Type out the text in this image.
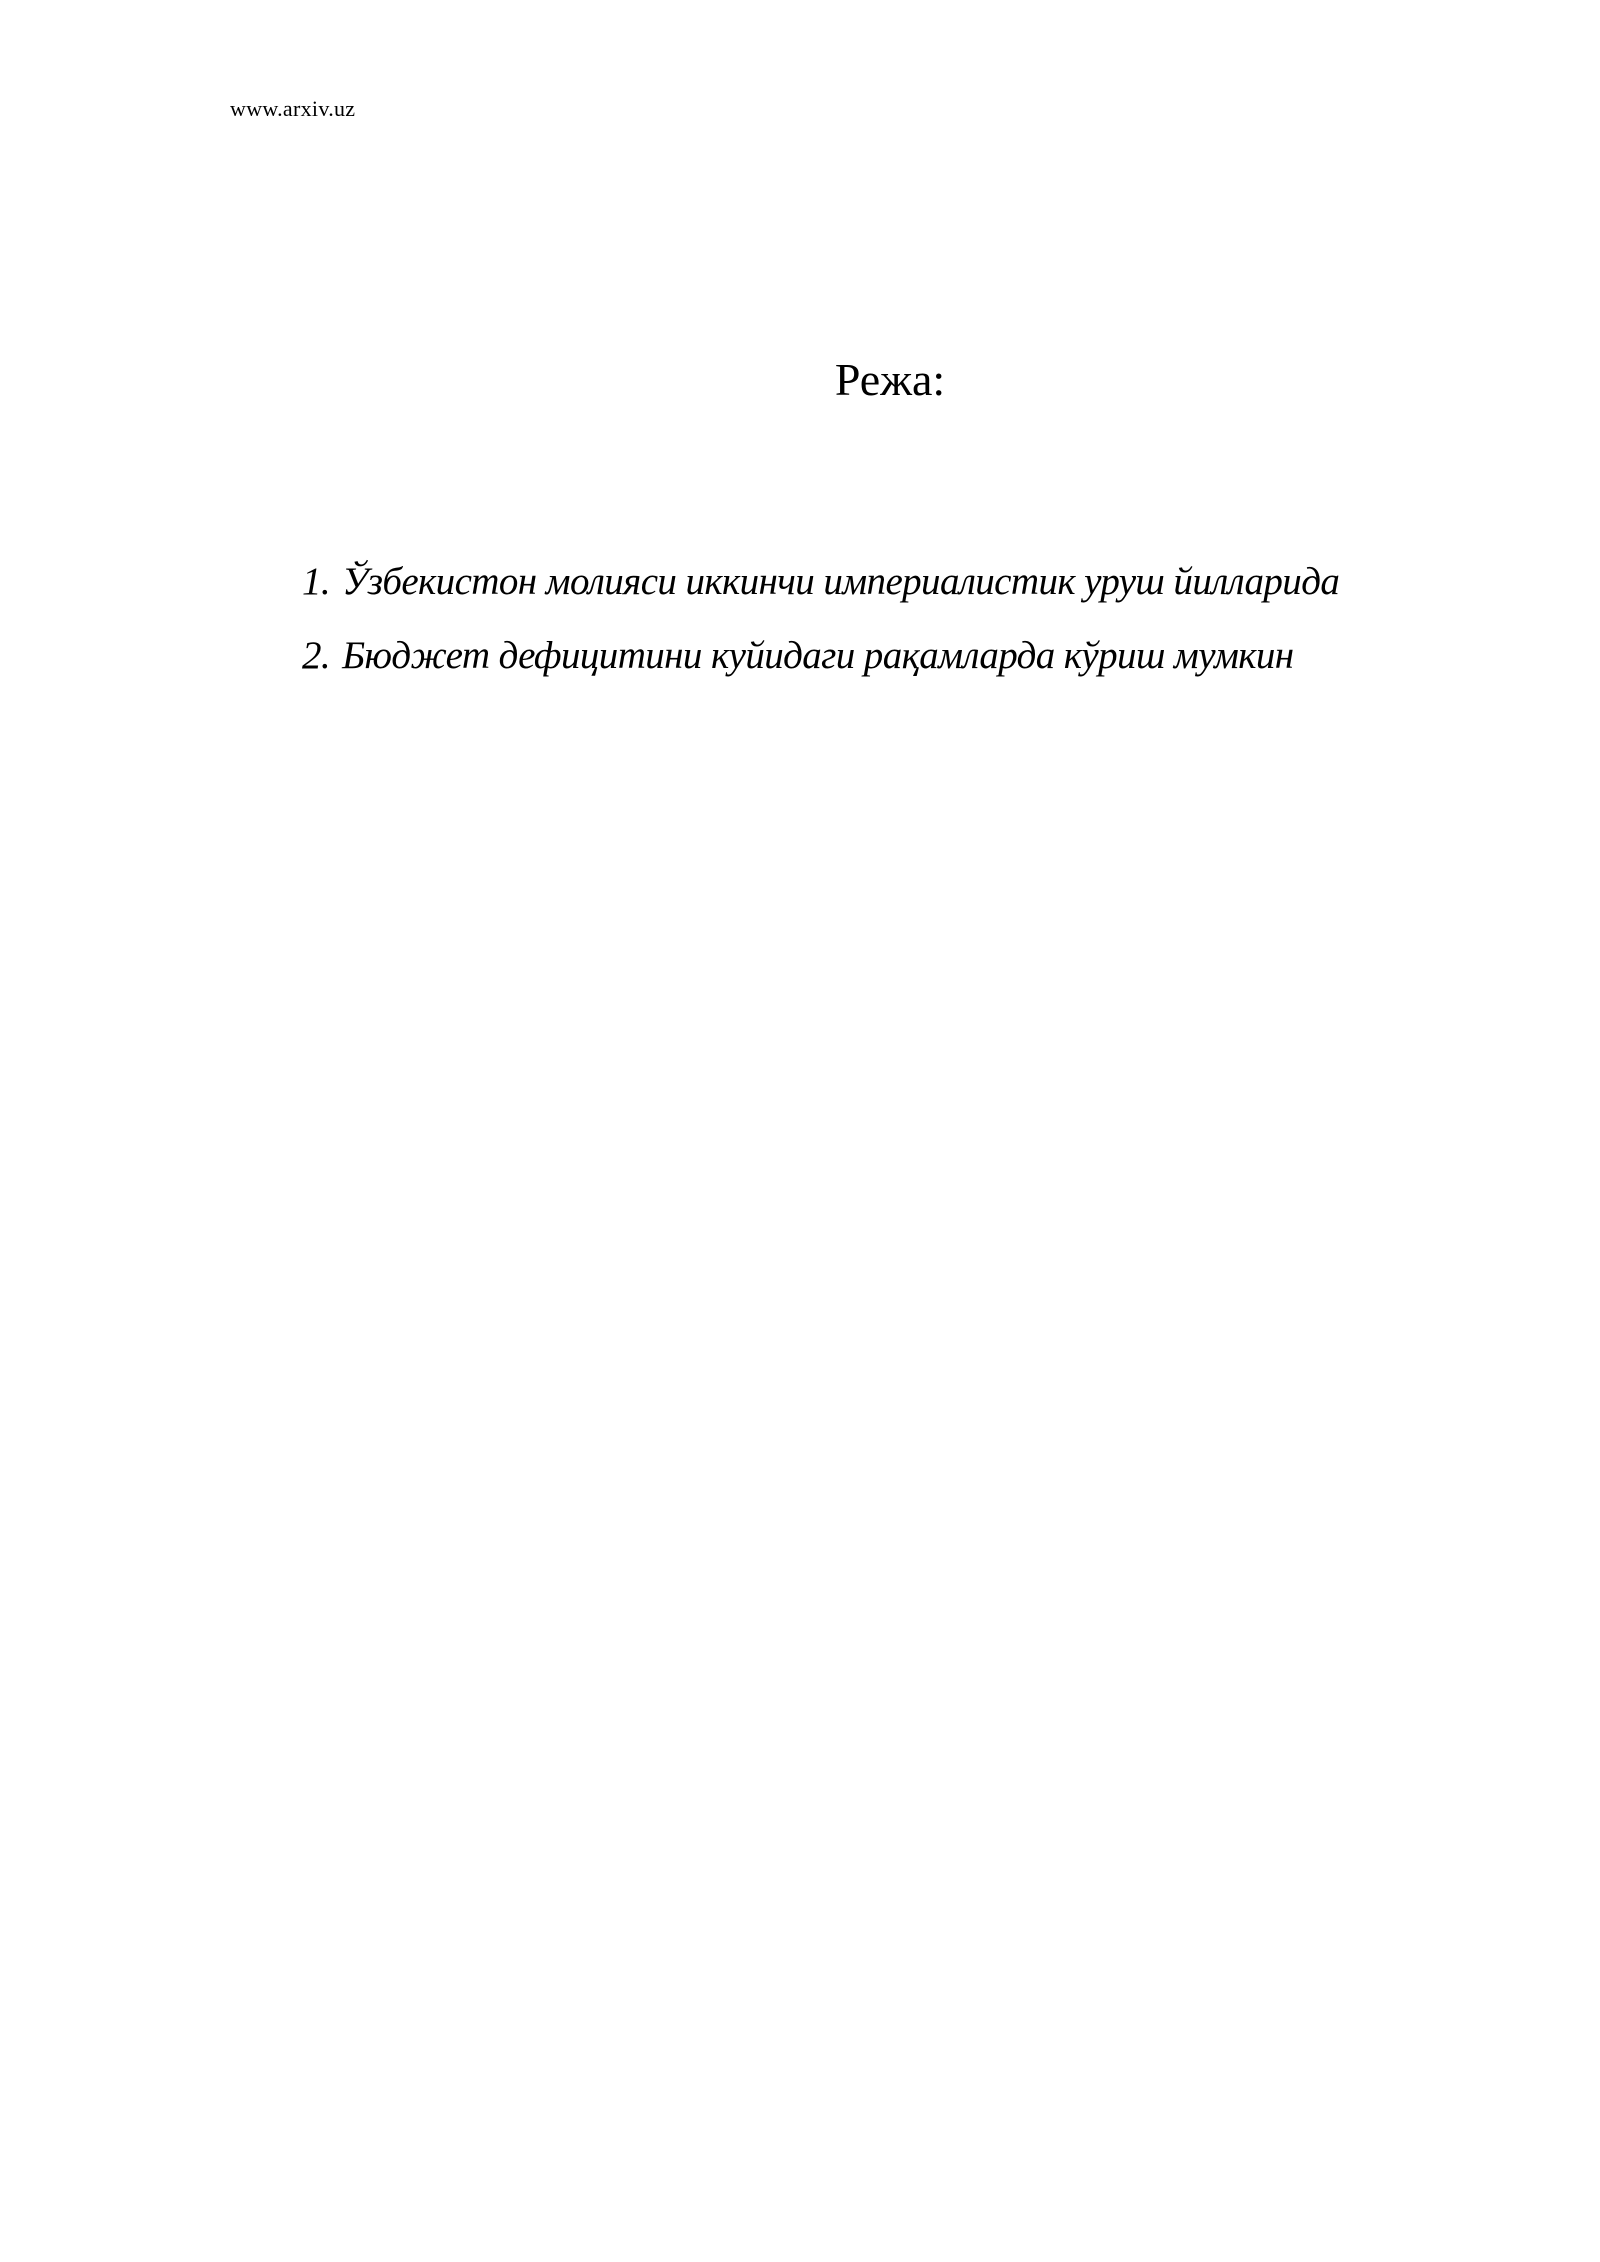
www.arxiv.uz
Режа:
1. Ўзбекистон молияси иккинчи империалистик уруш йилларида
2. Бюджет дефицитини куйидаги рақамларда кўриш мумкин
